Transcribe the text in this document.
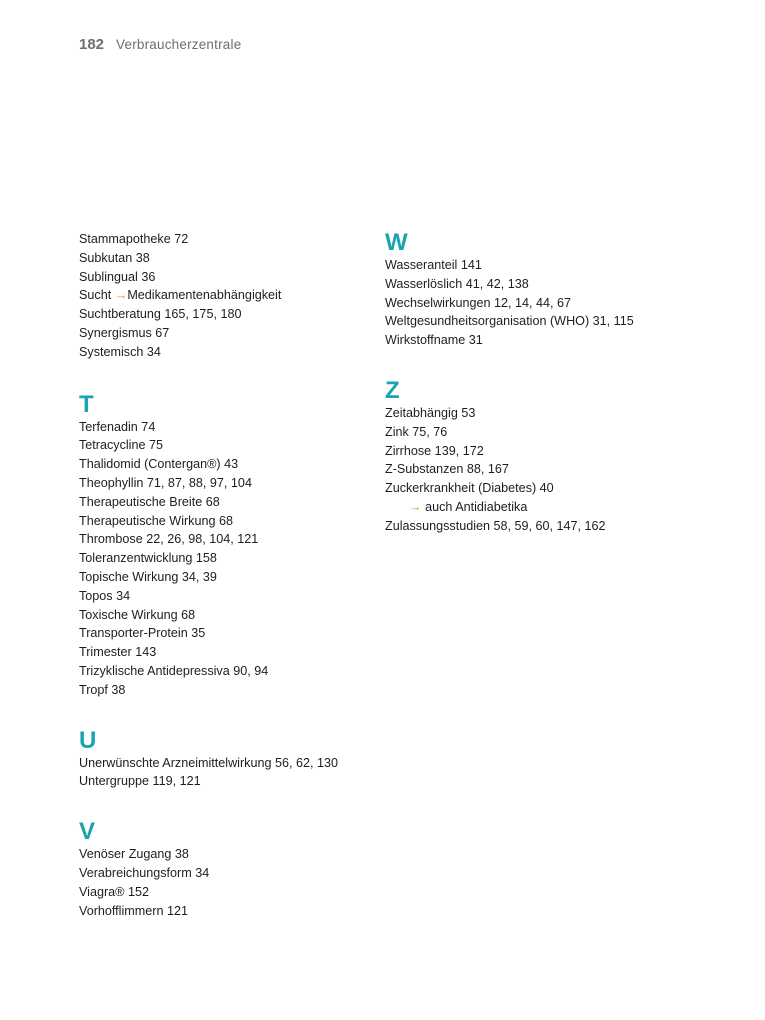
182 Verbraucherzentrale
Stammapotheke 72
Subkutan 38
Sublingual 36
Sucht →Medikamentenabhängigkeit
Suchtberatung 165, 175, 180
Synergismus 67
Systemisch 34
T
Terfenadin 74
Tetracycline 75
Thalidomid (Contergan®) 43
Theophyllin 71, 87, 88, 97, 104
Therapeutische Breite 68
Therapeutische Wirkung 68
Thrombose 22, 26, 98, 104, 121
Toleranzentwicklung 158
Topische Wirkung 34, 39
Topos 34
Toxische Wirkung 68
Transporter-Protein 35
Trimester 143
Trizyklische Antidepressiva 90, 94
Tropf 38
U
Unerwünschte Arzneimittelwirkung 56, 62, 130
Untergruppe 119, 121
V
Venöser Zugang 38
Verabreichungsform 34
Viagra® 152
Vorhofflimmern 121
W
Wasseranteil 141
Wasserlöslich 41, 42, 138
Wechselwirkungen 12, 14, 44, 67
Weltgesundheitsorganisation (WHO) 31, 115
Wirkstoffname 31
Z
Zeitabhängig 53
Zink 75, 76
Zirrhose 139, 172
Z-Substanzen 88, 167
Zuckerkrankheit (Diabetes) 40
→ auch Antidiabetika
Zulassungsstudien 58, 59, 60, 147, 162
